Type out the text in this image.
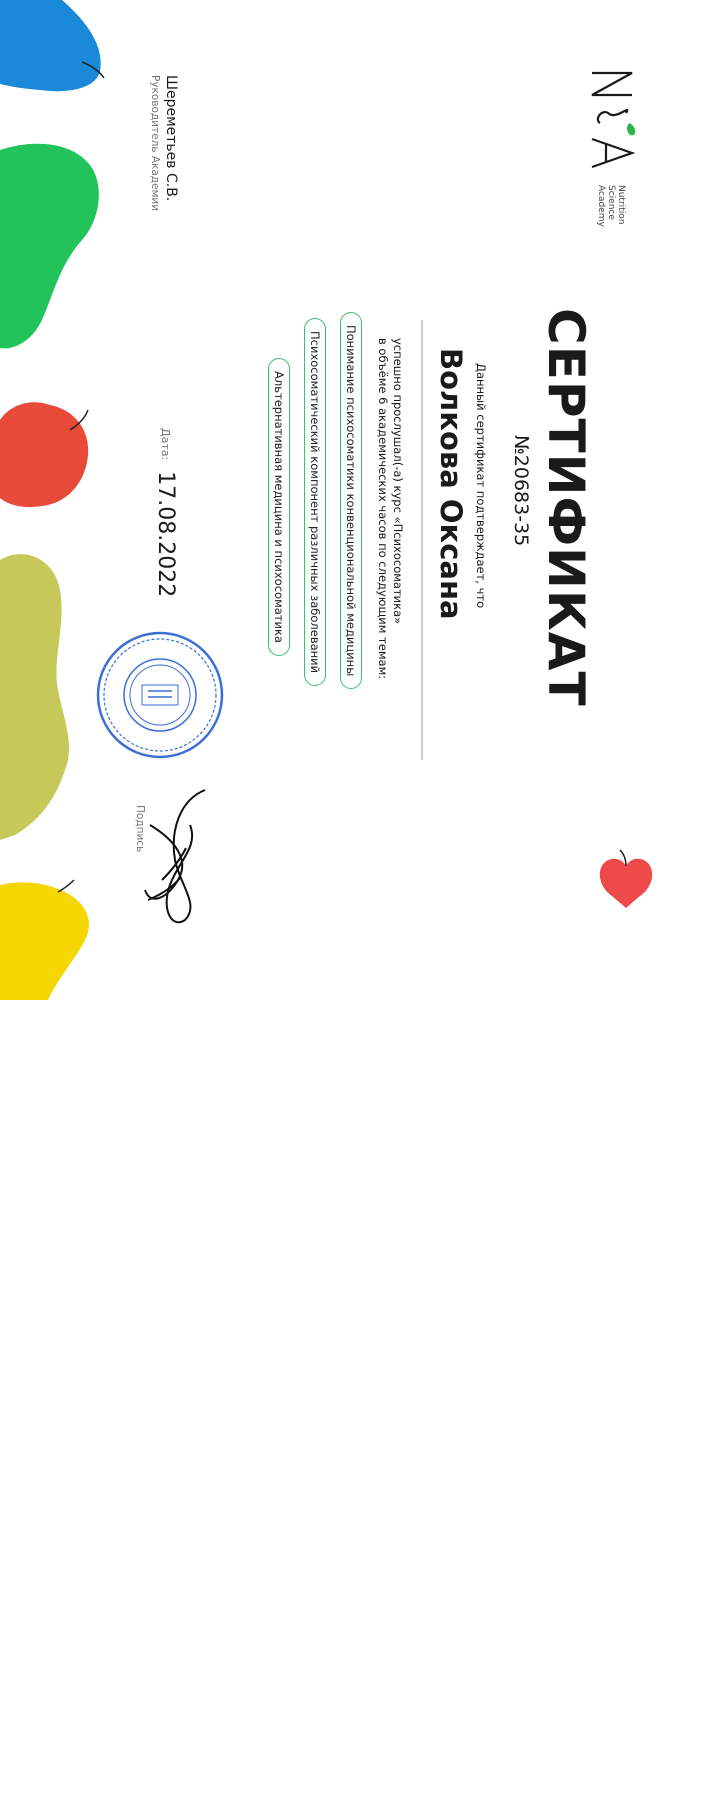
СЕРТИФИКАТ
№20683-35
Данный сертификат подтверждает, что
Волкова Оксана
успешно прослушал(-а) курс «Психосоматика»
в объёме 6 академических часов по следующим темам:
Понимание психосоматики конвенциональной медицины
Психосоматический компонент различных заболеваний
Альтернативная медицина и психосоматика
Дата: 17.08.2022
Шереметьев С.В.
Руководитель Академии
Подпись
Nutrition
Science
Academy
